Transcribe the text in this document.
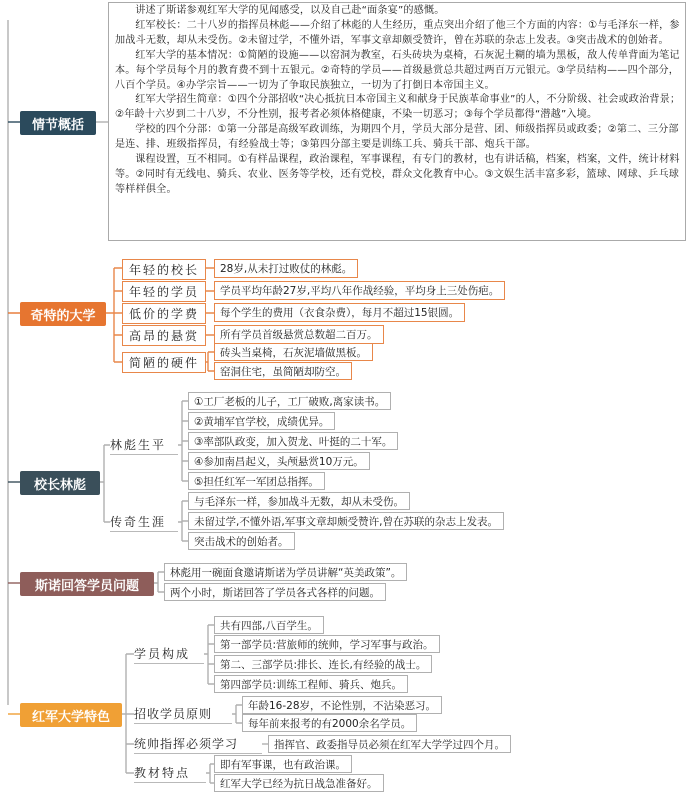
讲述了斯诺参观红军大学的见闻感受，以及自己赴“面条宴”的感慨。

红军校长：二十八岁的指挥员林彪——介绍了林彪的人生经历，重点突出介绍了他三个方面的内容：①与毛泽东一样，参加战斗无数，却从未受伤。②未留过学，不懂外语，军事文章却颇受赞许，曾在苏联的杂志上发表。③突击战术的创始者。

红军大学的基本情况：①简陋的设施——以窑洞为教室，石头砖块为桌椅，石灰泥土糊的墙为黑板，敌人传单背面为笔记本。每个学员每个月的教育费不到十五银元。②奇特的学员——首级悬赏总共超过两百万元银元。③学员结构——四个部分，八百个学员。④办学宗旨——一切为了争取民族独立，一切为了打倒日本帝国主义。

红军大学招生简章：①四个分部招收“决心抵抗日本帝国主义和献身于民族革命事业”的人，不分阶级、社会或政治背景；②年龄十六岁到二十八岁，不分性别，报考者必须体格健康，不染一切恶习；③每个学员都得“潜越”入境。

学校的四个分部：①第一分部是高级军政训练，为期四个月，学员大部分是营、团、师级指挥员或政委；②第二、三分部是连、排、班级指挥员，有经验战士等；③第四分部主要是训练工兵、骑兵干部、炮兵干部。

课程设置，互不相同。①有样品课程，政治课程，军事课程，有专门的教材，也有讲话稿，档案，档案，文件，统计材料等。②同时有无线电、骑兵、农业、医务等学校，还有党校，群众文化教育中心。③文娱生活丰富多彩，篮球、网球、乒乓球等样样俱全。

情节概括
奇特的大学
校长林彪
斯诺回答学员问题
红军大学特色
年轻的校长	28岁,从未打过败仗的林彪。
年轻的学员	学员平均年龄27岁,平均八年作战经验，平均身上三处伤疤。
低价的学费	每个学生的费用（衣食杂费），每月不超过15银圆。
高昂的悬赏	所有学员首级悬赏总数超二百万。
简陋的硬件
砖头当桌椅，石灰泥墙做黑板。
窑洞住宅，虽简陋却防空。
林彪生平
①工厂老板的儿子，工厂破败,离家读书。
②黄埔军官学校，成绩优异。
③率部队政变，加入贺龙、叶挺的二十军。
④参加南昌起义，头颅悬赏10万元。
⑤担任红军一军团总指挥。
传奇生涯
与毛泽东一样，参加战斗无数，却从未受伤。
未留过学,不懂外语,军事文章却颇受赞许,曾在苏联的杂志上发表。
突击战术的创始者。
林彪用一碗面食邀请斯诺为学员讲解“英美政策”。
两个小时，斯诺回答了学员各式各样的问题。
学员构成
共有四部,八百学生。
第一部学员:营旅师的统帅，学习军事与政治。
第二、三部学员:排长、连长,有经验的战士。
第四部学员:训练工程师、骑兵、炮兵。
招收学员原则
年龄16-28岁，不论性别，不沾染恶习。
每年前来报考的有2000余名学员。
统帅指挥必须学习	指挥官、政委指导员必须在红军大学学过四个月。
教材特点
即有军事课，也有政治课。
红军大学已经为抗日战急准备好。
